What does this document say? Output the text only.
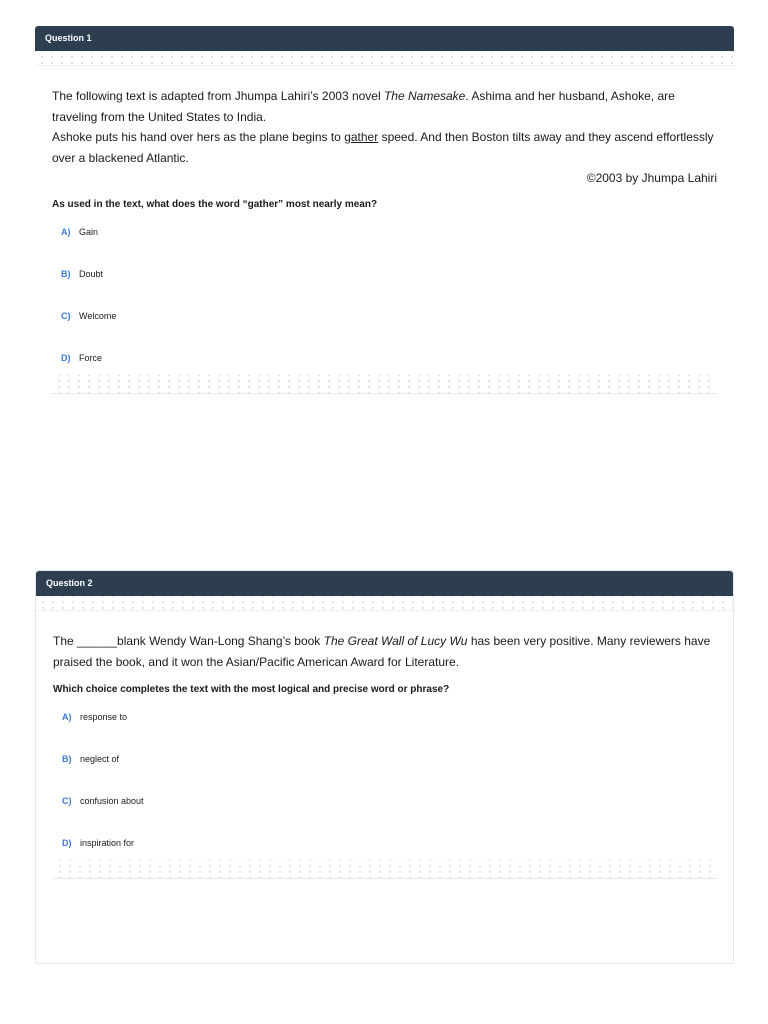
Question 1

The following text is adapted from Jhumpa Lahiri’s 2003 novel The Namesake. Ashima and her husband, Ashoke, are traveling from the United States to India.

Ashoke puts his hand over hers as the plane begins to gather speed. And then Boston tilts away and they ascend effortlessly over a blackened Atlantic.

©2003 by Jhumpa Lahiri
As used in the text, what does the word “gather” most nearly mean?
A) Gain
B) Doubt
C) Welcome
D) Force
Question 2

The ______blank Wendy Wan-Long Shang’s book The Great Wall of Lucy Wu has been very positive. Many reviewers have praised the book, and it won the Asian/Pacific American Award for Literature.

Which choice completes the text with the most logical and precise word or phrase?
A) response to
B) neglect of
C) confusion about
D) inspiration for
